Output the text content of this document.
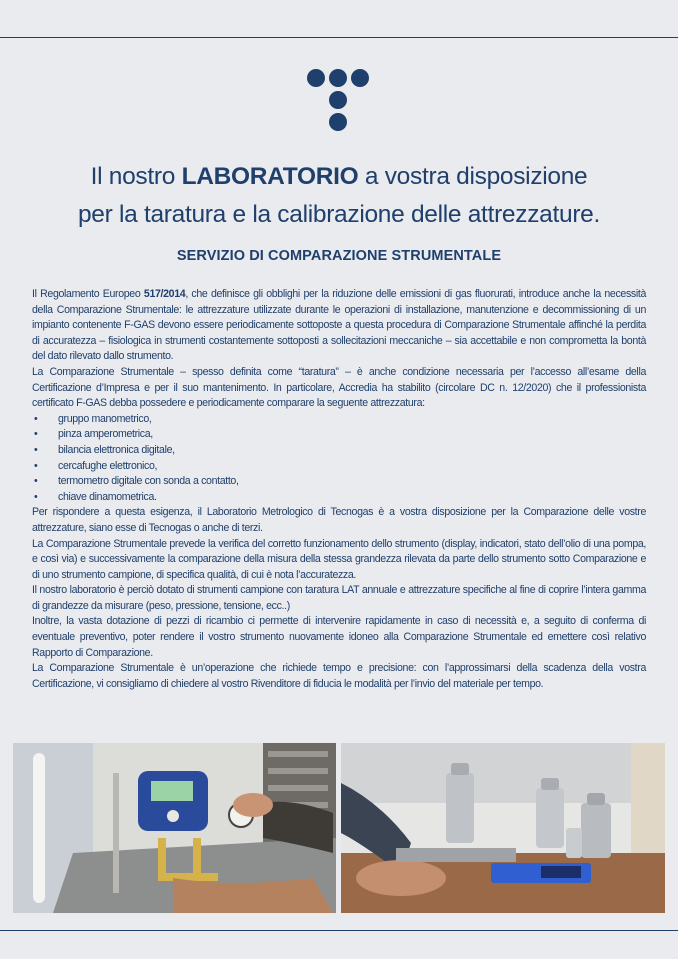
Il nostro LABORATORIO a vostra disposizione
per la taratura e la calibrazione delle attrezzature.
SERVIZIO DI COMPARAZIONE STRUMENTALE

Il Regolamento Europeo 517/2014, che definisce gli obblighi per la riduzione delle emissioni di gas fluorurati, introduce anche la necessità della Comparazione Strumentale: le attrezzature utilizzate durante le operazioni di installazione, manutenzione e decommissioning di un impianto contenente F-GAS devono essere periodicamente sottoposte a questa procedura di Comparazione Strumentale affinché la perdita di accuratezza – fisiologica in strumenti costantemente sottoposti a sollecitazioni meccaniche – sia accettabile e non comprometta la bontà del dato rilevato dallo strumento.

La Comparazione Strumentale – spesso definita come “taratura” – è anche condizione necessaria per l’accesso all’esame della Certificazione d’Impresa e per il suo mantenimento. In particolare, Accredia ha stabilito (circolare DC n. 12/2020) che il professionista certificato F-GAS debba possedere e periodicamente comparare la seguente attrezzatura:

• gruppo manometrico,
• pinza amperometrica,
• bilancia elettronica digitale,
• cercafughe elettronico,
• termometro digitale con sonda a contatto,
• chiave dinamometrica.

Per rispondere a questa esigenza, il Laboratorio Metrologico di Tecnogas è a vostra disposizione per la Comparazione delle vostre attrezzature, siano esse di Tecnogas o anche di terzi.

La Comparazione Strumentale prevede la verifica del corretto funzionamento dello strumento (display, indicatori, stato dell’olio di una pompa, e così via) e successivamente la comparazione della misura della stessa grandezza rilevata da parte dello strumento sotto Comparazione e di uno strumento campione, di specifica qualità, di cui è nota l’accuratezza.

Il nostro laboratorio è perciò dotato di strumenti campione con taratura LAT annuale e attrezzature specifiche al fine di coprire l’intera gamma di grandezze da misurare (peso, pressione, tensione, ecc..)

Inoltre, la vasta dotazione di pezzi di ricambio ci permette di intervenire rapidamente in caso di necessità e, a seguito di conferma di eventuale preventivo, poter rendere il vostro strumento nuovamente idoneo alla Comparazione Strumentale ed emettere così relativo Rapporto di Comparazione.

La Comparazione Strumentale è un’operazione che richiede tempo e precisione: con l’approssimarsi della scadenza della vostra Certificazione, vi consigliamo di chiedere al vostro Rivenditore di fiducia le modalità per l’invio del materiale per tempo.
